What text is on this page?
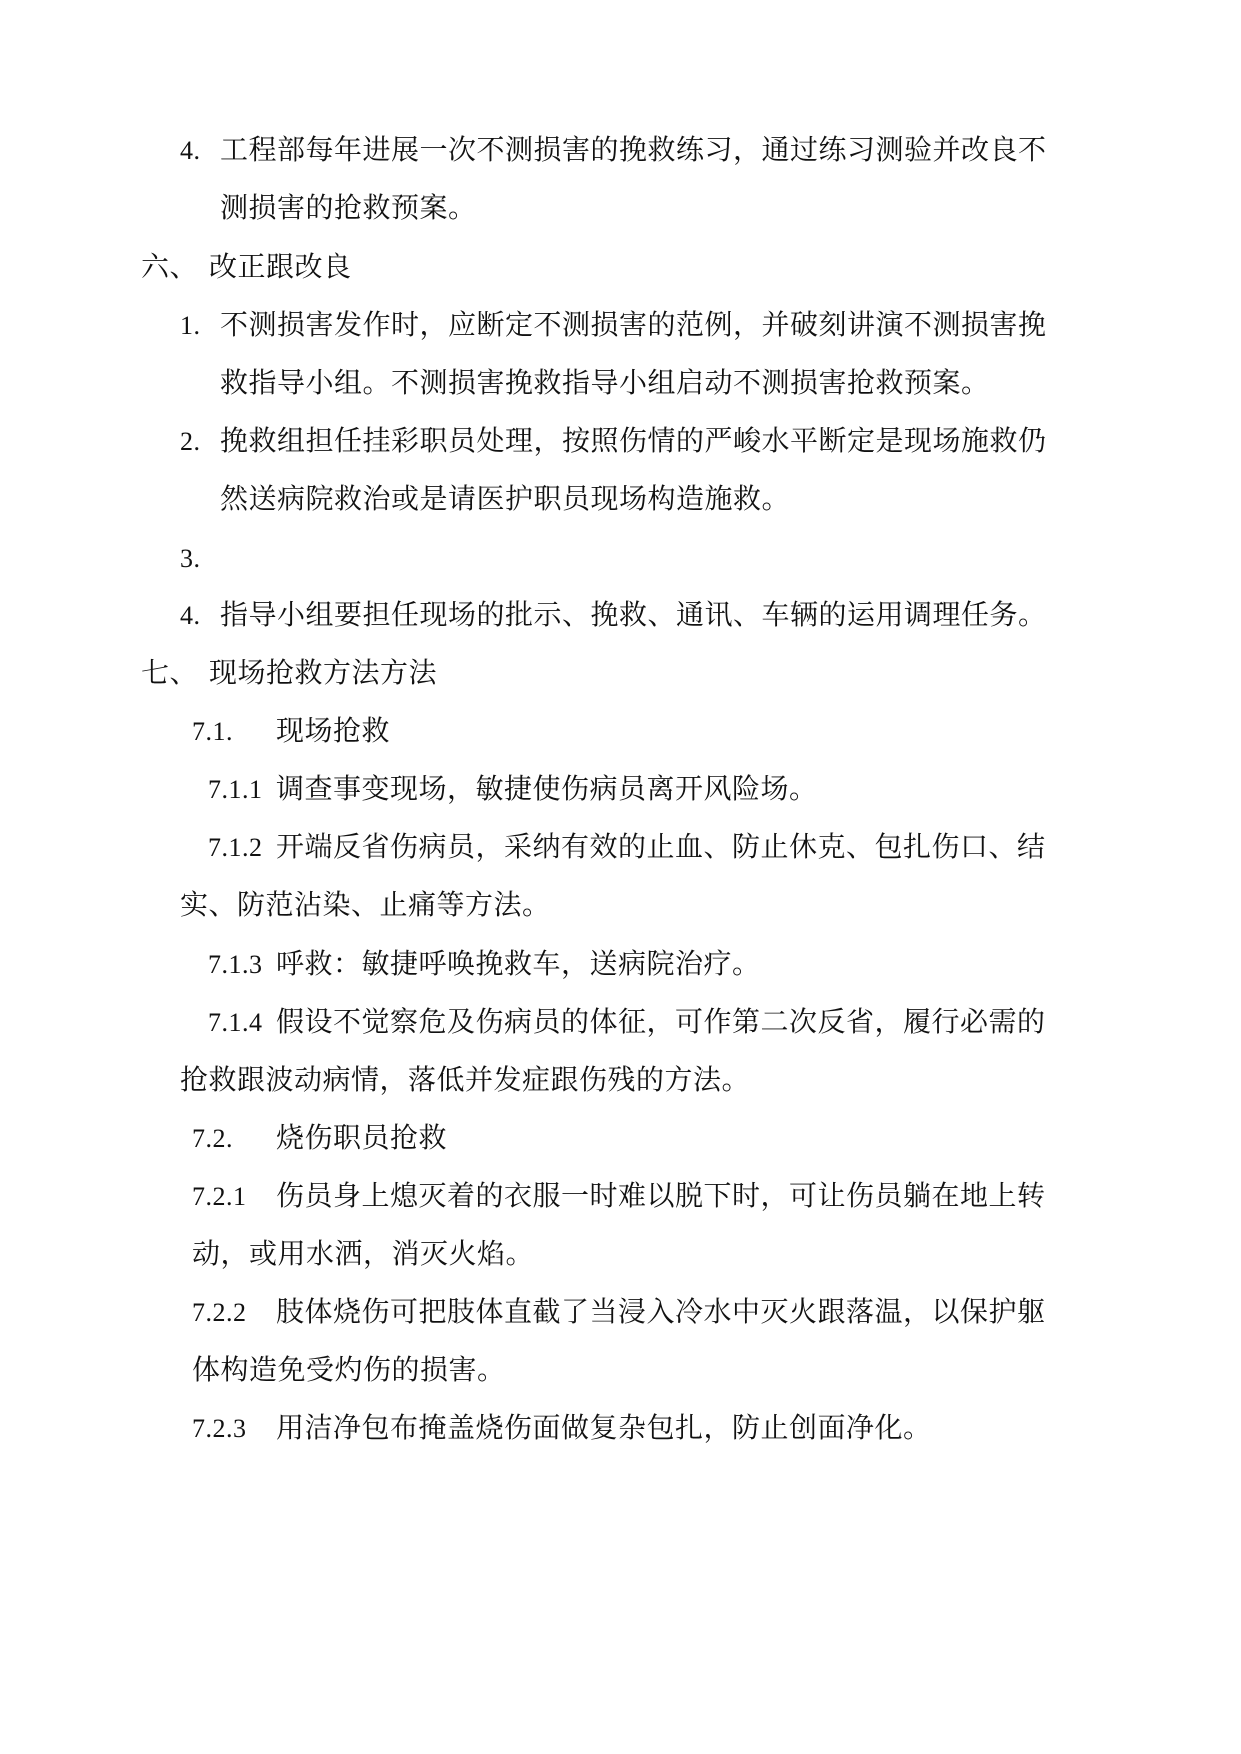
4. 工程部每年进展一次不测损害的挽救练习，通过练习测验并改良不
测损害的抢救预案。
六、 改正跟改良
1. 不测损害发作时，应断定不测损害的范例，并破刻讲演不测损害挽
救指导小组。不测损害挽救指导小组启动不测损害抢救预案。
2. 挽救组担任挂彩职员处理，按照伤情的严峻水平断定是现场施救仍
然送病院救治或是请医护职员现场构造施救。
3.
4. 指导小组要担任现场的批示、挽救、通讯、车辆的运用调理任务。
七、 现场抢救方法方法
7.1. 现场抢救
7.1.1 调查事变现场，敏捷使伤病员离开风险场。
7.1.2 开端反省伤病员，采纳有效的止血、防止休克、包扎伤口、结
实、防范沾染、止痛等方法。
7.1.3 呼救：敏捷呼唤挽救车，送病院治疗。
7.1.4 假设不觉察危及伤病员的体征，可作第二次反省，履行必需的
抢救跟波动病情，落低并发症跟伤残的方法。
7.2. 烧伤职员抢救
7.2.1 伤员身上熄灭着的衣服一时难以脱下时，可让伤员躺在地上转
动，或用水洒，消灭火焰。
7.2.2 肢体烧伤可把肢体直截了当浸入冷水中灭火跟落温，以保护躯
体构造免受灼伤的损害。
7.2.3 用洁净包布掩盖烧伤面做复杂包扎，防止创面净化。
